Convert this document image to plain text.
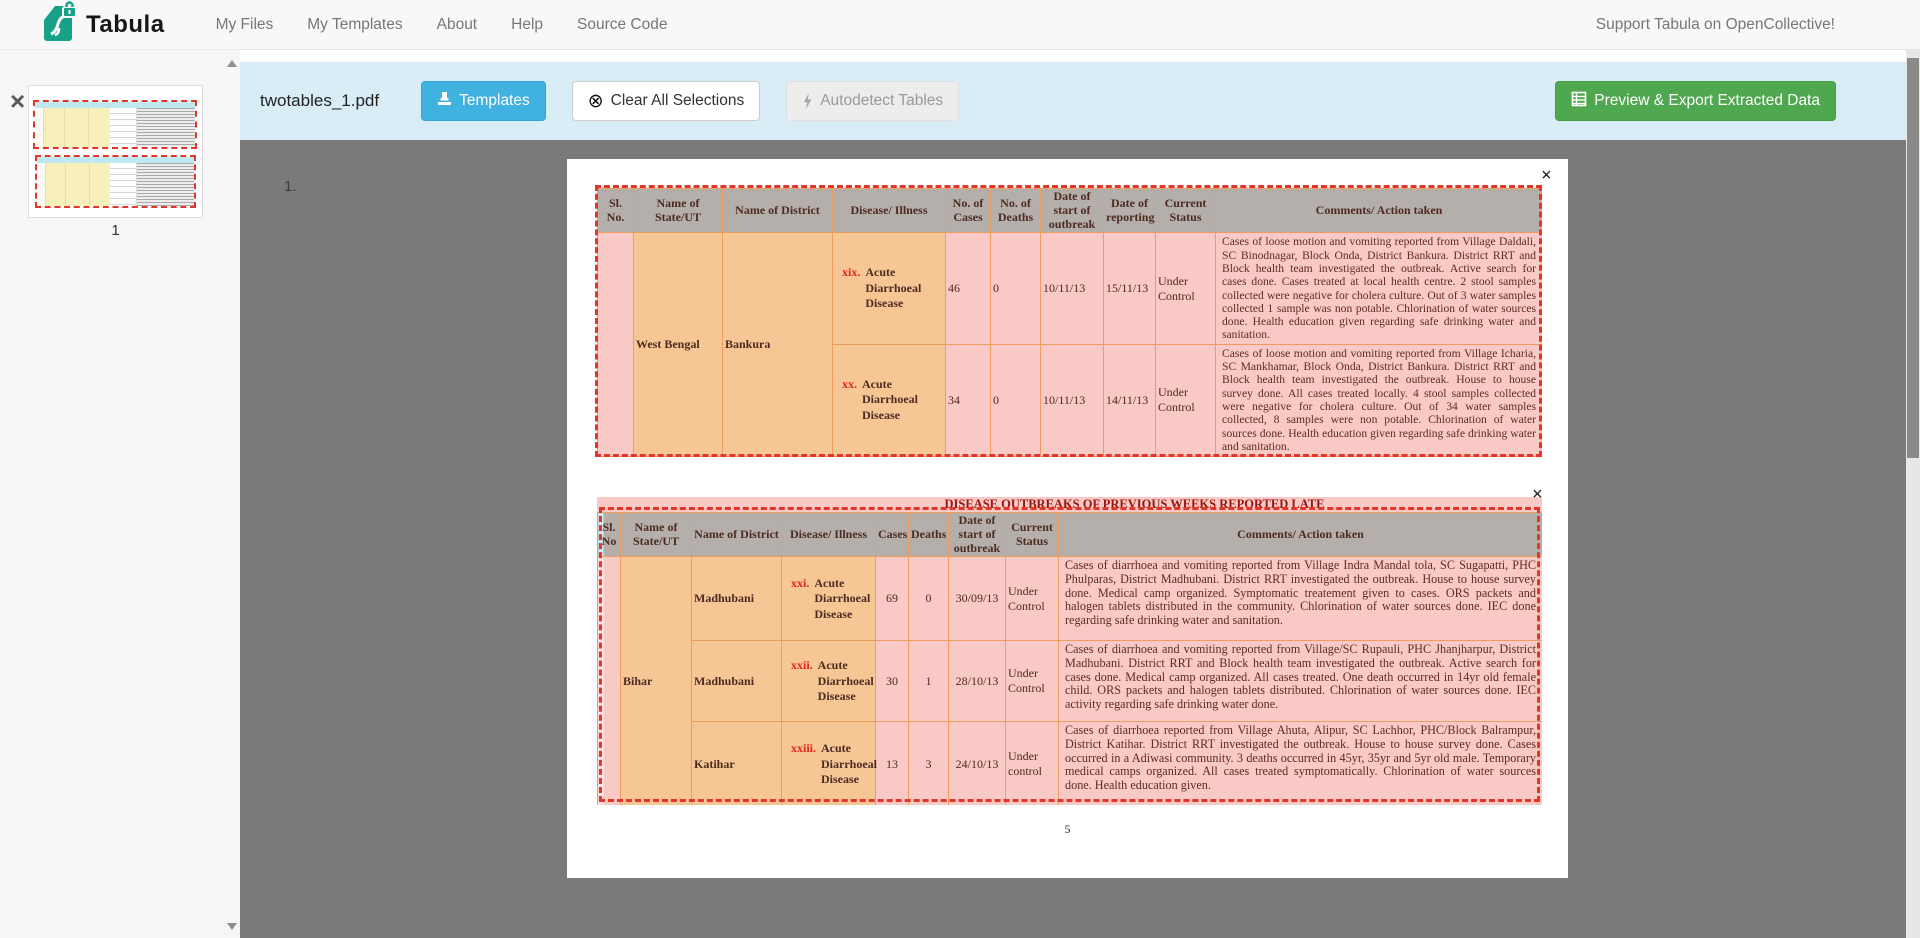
Tabula	My Files	My Templates	About	Help	Source Code	Support Tabula on OpenCollective!
×
1
twotables_1.pdf	Templates	⊗ Clear All Selections	Autodetect Tables	Preview & Export Extracted Data
1.
Sl. No.	Name of State/UT	Name of District	Disease/ Illness	No. of Cases	No. of Deaths	Date of start of outbreak	Date of reporting	Current Status	Comments/ Action taken
	West Bengal	Bankura	xix. Acute Diarrhoeal Disease	46	0	10/11/13	15/11/13	Under Control	Cases of loose motion and vomiting reported from Village Daldali, SC Binodnagar, Block Onda, District Bankura. District RRT and Block health team investigated the outbreak. Active search for cases done. Cases treated at local health centre. 2 stool samples collected were negative for cholera culture. Out of 3 water samples collected 1 sample was non potable. Chlorination of water sources done. Health education given regarding safe drinking water and sanitation.

			xx. Acute Diarrhoeal Disease	34	0	10/11/13	14/11/13	Under Control	Cases of loose motion and vomiting reported from Village Icharia, SC Mankhamar, Block Onda, District Bankura. District RRT and Block health team investigated the outbreak. House to house survey done. All cases treated locally. 4 stool samples collected were negative for cholera culture. Out of 34 water samples collected, 8 samples were non potable. Chlorination of water sources done. Health education given regarding safe drinking water and sanitation.
DISEASE OUTBREAKS OF PREVIOUS WEEKS REPORTED LATE
Sl. No	Name of State/UT	Name of District	Disease/ Illness	Cases	Deaths	Date of start of outbreak	Current Status	Comments/ Action taken
	Bihar	Madhubani	xxi. Acute Diarrhoeal Disease	69	0	30/09/13	Under Control	Cases of diarrhoea and vomiting reported from Village Indra Mandal tola, SC Sugapatti, PHC Phulparas, District Madhubani. District RRT investigated the outbreak. House to house survey done. Medical camp organized. Symptomatic treatement given to cases. ORS packets and halogen tablets distributed in the community. Chlorination of water sources done. IEC done regarding safe drinking water and sanitation.

		Madhubani	xxii. Acute Diarrhoeal Disease	30	1	28/10/13	Under Control	Cases of diarrhoea and vomiting reported from Village/SC Rupauli, PHC Jhanjharpur, District Madhubani. District RRT and Block health team investigated the outbreak. Active search for cases done. Medical camp organized. All cases treated. One death occurred in 14yr old female child. ORS packets and halogen tablets distributed. Chlorination of water sources done. IEC activity regarding safe drinking water done.

		Katihar	xxiii. Acute Diarrhoeal Disease	13	3	24/10/13	Under control	Cases of diarrhoea reported from Village Ahuta, Alipur, SC Lachhor, PHC/Block Balrampur, District Katihar. District RRT investigated the outbreak. House to house survey done. Cases occurred in a Adiwasi community. 3 deaths occurred in 45yr, 35yr and 5yr old male. Temporary medical camps organized. All cases treated symptomatically. Chlorination of water sources done. Health education given.
×
×
5
